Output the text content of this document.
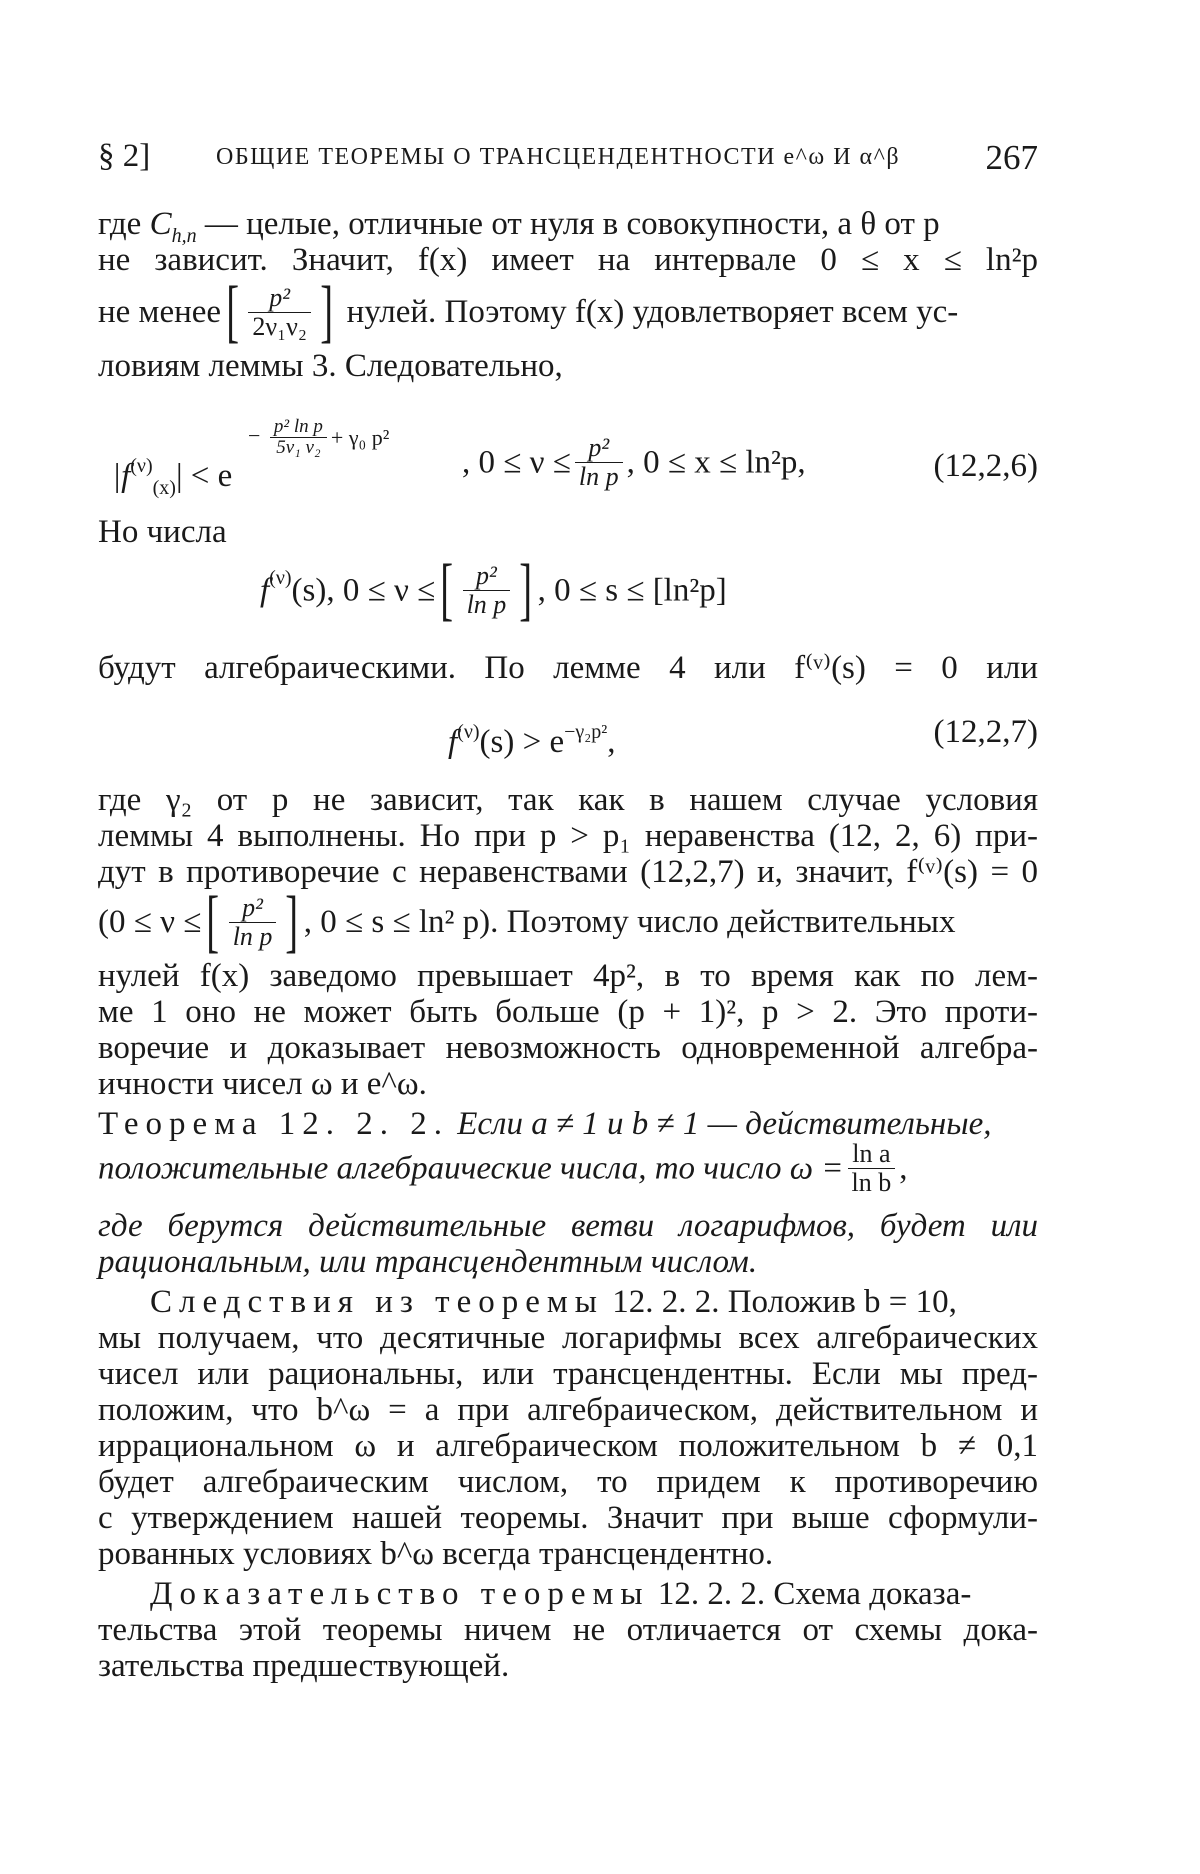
§ 2]	ОБЩИЕ ТЕОРЕМЫ О ТРАНСЦЕНДЕНТНОСТИ e^ω И α^β 267
где $C_{h,n}$ — целые, отличные от нуля в совокупности, а θ от p
не зависит. Значит, f(x) имеет на интервале 0 ≤ x ≤ ln²p
не менее[ $\frac{\text{p²}}{\text{2ν₁ν₂}}$ ] нулей. Поэтому f(x) удовлетворяет всем ус-
ловиям леммы 3. Следовательно,
$|f^{(\nu)}_{(x)}| < e$
− $\frac{\text{p² ln p}}{\text{5ν₁ ν₂}} + \gamma_0$ p²
, $0 \le \nu \le \frac{\text{p²}}{\text{ln p}}$ , 0 ≤ x ≤ ln²p,	(12,2,6)
Но числа
$f^{(\nu)}(s)$, 0 ≤ ν ≤[ $\frac{\text{p²}}{\text{ln p}}$ ] , 0 ≤ s ≤ [ln²p]
будут алгебраическими. По лемме 4 или f⁽ᵛ⁾(s) = 0 или
$f^{(\nu)}(s) > e^{-\gamma_2p^2}$,	(12,2,7)
где γ₂ от p не зависит, так как в нашем случае условия
леммы 4 выполнены. Но при p > p₁ неравенства (12, 2, 6) при-
дут в противоречие с неравенствами (12,2,7) и, значит, f⁽ᵛ⁾(s) = 0
(0 ≤ ν ≤[ $\frac{\text{p²}}{\text{ln p}}$ ] , 0 ≤ s ≤ ln² p). Поэтому число действительных
нулей f(x) заведомо превышает 4p², в то время как по лем-
ме 1 оно не может быть больше (p + 1)², p > 2. Это проти-
воречие и доказывает невозможность одновременной алгебра-
ичности чисел ω и e^ω.
Теорема 12. 2. 2. Если a ≠ 1 и b ≠ 1 — действительные,
положительные алгебраические числа, то число $\omega = \frac{\text{ln a}}{\text{ln b}}$ ,
где берутся действительные ветви логарифмов, будет или
рациональным, или трансцендентным числом.
Следствия из теоремы 12. 2. 2. Положив b = 10,
мы получаем, что десятичные логарифмы всех алгебраических
чисел или рациональны, или трансцендентны. Если мы пред-
положим, что b^ω = a при алгебраическом, действительном и
иррациональном ω и алгебраическом положительном b ≠ 0,1
будет алгебраическим числом, то придем к противоречию
с утверждением нашей теоремы. Значит при выше сформули-
рованных условиях b^ω всегда трансцендентно.
Доказательство теоремы 12. 2. 2. Схема доказа-
тельства этой теоремы ничем не отличается от схемы дока-
зательства предшествующей.
